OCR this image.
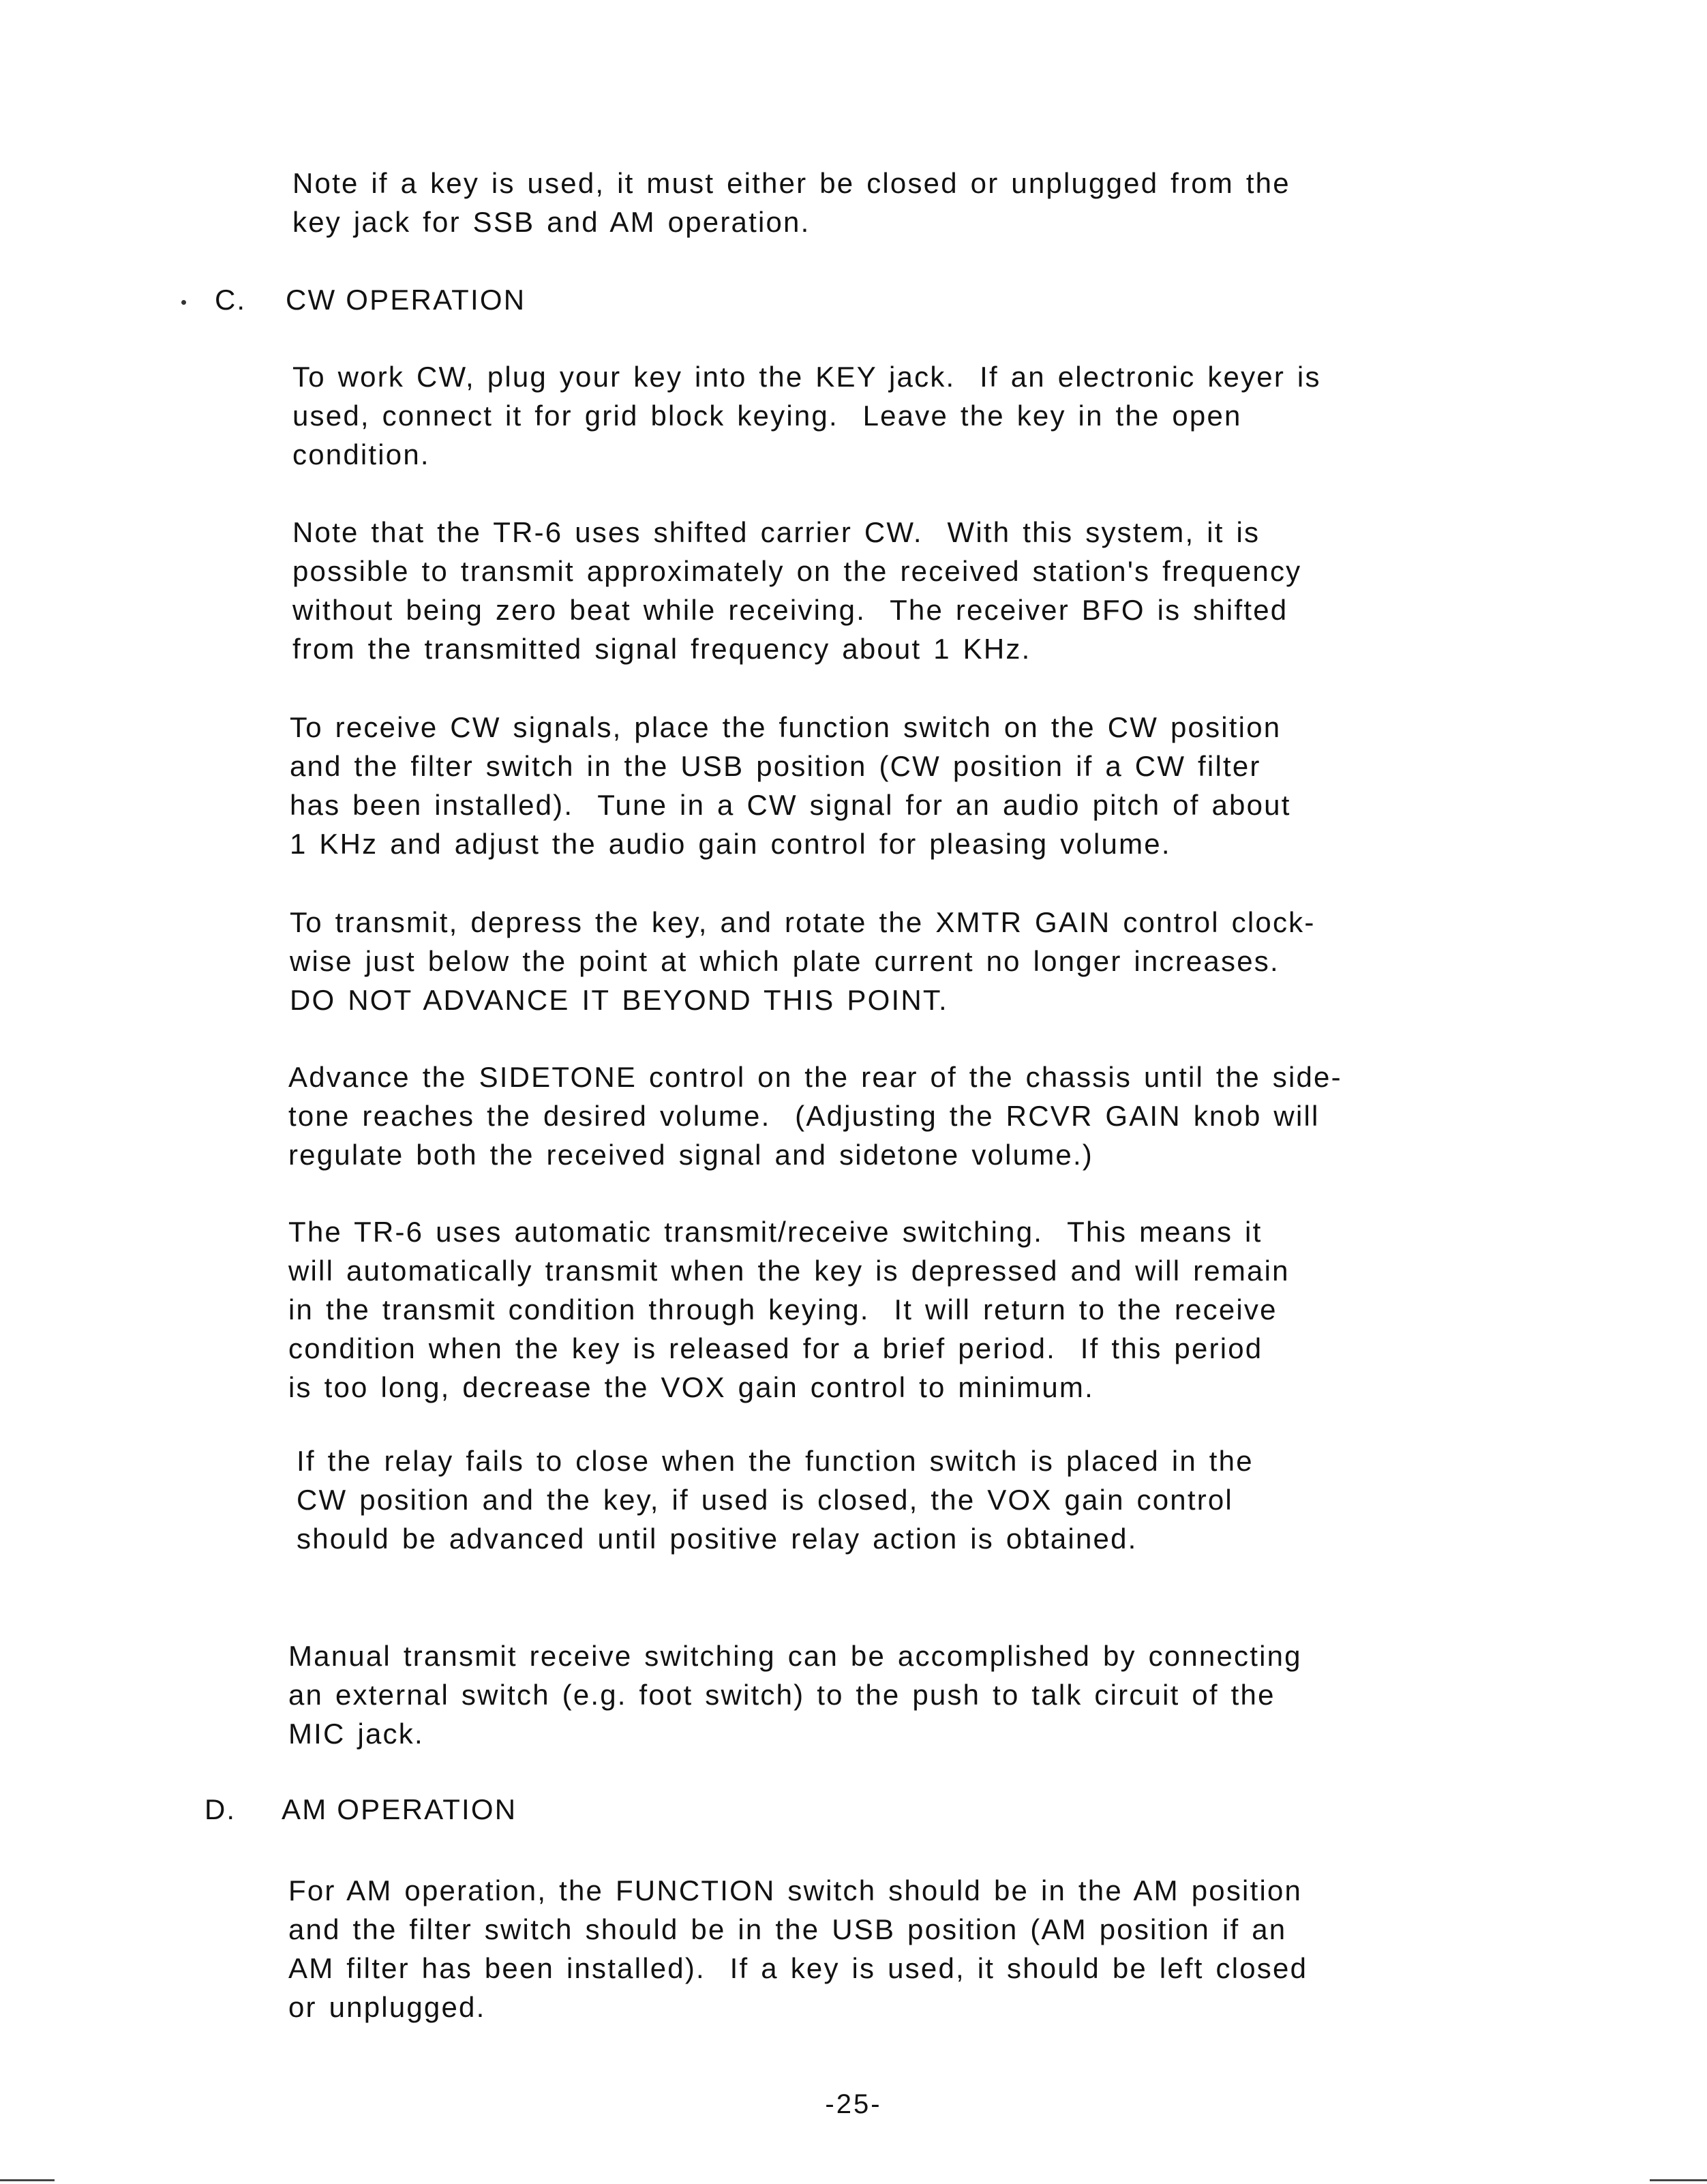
Note if a key is used, it must either be closed or unplugged from the
key jack for SSB and AM operation.
C. CW OPERATION
To work CW, plug your key into the KEY jack.  If an electronic keyer is
used, connect it for grid block keying.  Leave the key in the open
condition.
Note that the TR-6 uses shifted carrier CW.  With this system, it is
possible to transmit approximately on the received station's frequency
without being zero beat while receiving.  The receiver BFO is shifted
from the transmitted signal frequency about 1 KHz.
To receive CW signals, place the function switch on the CW position
and the filter switch in the USB position (CW position if a CW filter
has been installed).  Tune in a CW signal for an audio pitch of about
1 KHz and adjust the audio gain control for pleasing volume.
To transmit, depress the key, and rotate the XMTR GAIN control clock-
wise just below the point at which plate current no longer increases.
DO NOT ADVANCE IT BEYOND THIS POINT.
Advance the SIDETONE control on the rear of the chassis until the side-
tone reaches the desired volume.  (Adjusting the RCVR GAIN knob will
regulate both the received signal and sidetone volume.)
The TR-6 uses automatic transmit/receive switching.  This means it
will automatically transmit when the key is depressed and will remain
in the transmit condition through keying.  It will return to the receive
condition when the key is released for a brief period.  If this period
is too long, decrease the VOX gain control to minimum.
If the relay fails to close when the function switch is placed in the
CW position and the key, if used is closed, the VOX gain control
should be advanced until positive relay action is obtained.
Manual transmit receive switching can be accomplished by connecting
an external switch (e.g. foot switch) to the push to talk circuit of the
MIC jack.
D. AM OPERATION
For AM operation, the FUNCTION switch should be in the AM position
and the filter switch should be in the USB position (AM position if an
AM filter has been installed).  If a key is used, it should be left closed
or unplugged.
-25-
